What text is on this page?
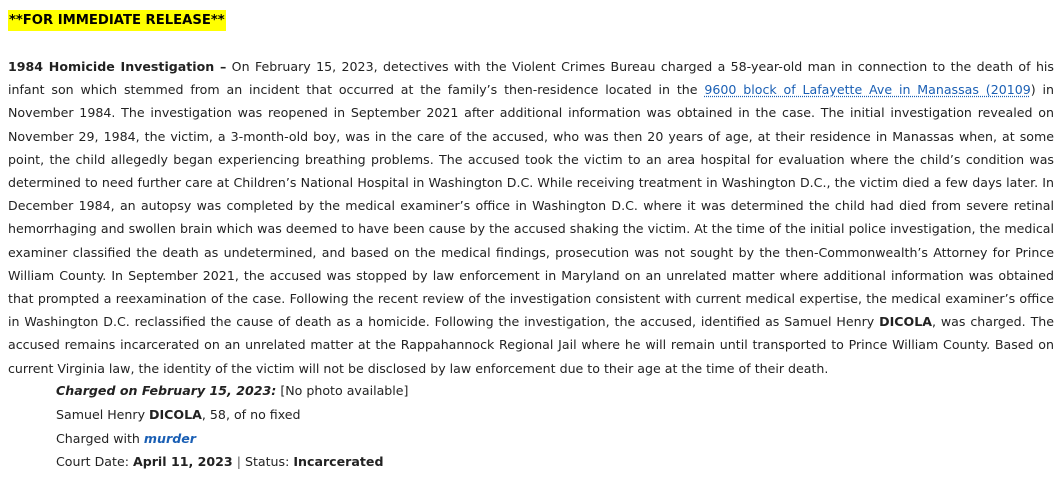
**FOR IMMEDIATE RELEASE**

1984 Homicide Investigation – On February 15, 2023, detectives with the Violent Crimes Bureau charged a 58-year-old man in connection to the death of his infant son which stemmed from an incident that occurred at the family’s then-residence located in the 9600 block of Lafayette Ave in Manassas (20109) in November 1984. The investigation was reopened in September 2021 after additional information was obtained in the case. The initial investigation revealed on November 29, 1984, the victim, a 3-month-old boy, was in the care of the accused, who was then 20 years of age, at their residence in Manassas when, at some point, the child allegedly began experiencing breathing problems. The accused took the victim to an area hospital for evaluation where the child’s condition was determined to need further care at Children’s National Hospital in Washington D.C. While receiving treatment in Washington D.C., the victim died a few days later. In December 1984, an autopsy was completed by the medical examiner’s office in Washington D.C. where it was determined the child had died from severe retinal hemorrhaging and swollen brain which was deemed to have been cause by the accused shaking the victim. At the time of the initial police investigation, the medical examiner classified the death as undetermined, and based on the medical findings, prosecution was not sought by the then-Commonwealth’s Attorney for Prince William County. In September 2021, the accused was stopped by law enforcement in Maryland on an unrelated matter where additional information was obtained that prompted a reexamination of the case. Following the recent review of the investigation consistent with current medical expertise, the medical examiner’s office in Washington D.C. reclassified the cause of death as a homicide. Following the investigation, the accused, identified as Samuel Henry DICOLA, was charged. The accused remains incarcerated on an unrelated matter at the Rappahannock Regional Jail where he will remain until transported to Prince William County. Based on current Virginia law, the identity of the victim will not be disclosed by law enforcement due to their age at the time of their death.

Charged on February 15, 2023: [No photo available]
Samuel Henry DICOLA, 58, of no fixed
Charged with murder
Court Date: April 11, 2023 | Status: Incarcerated
